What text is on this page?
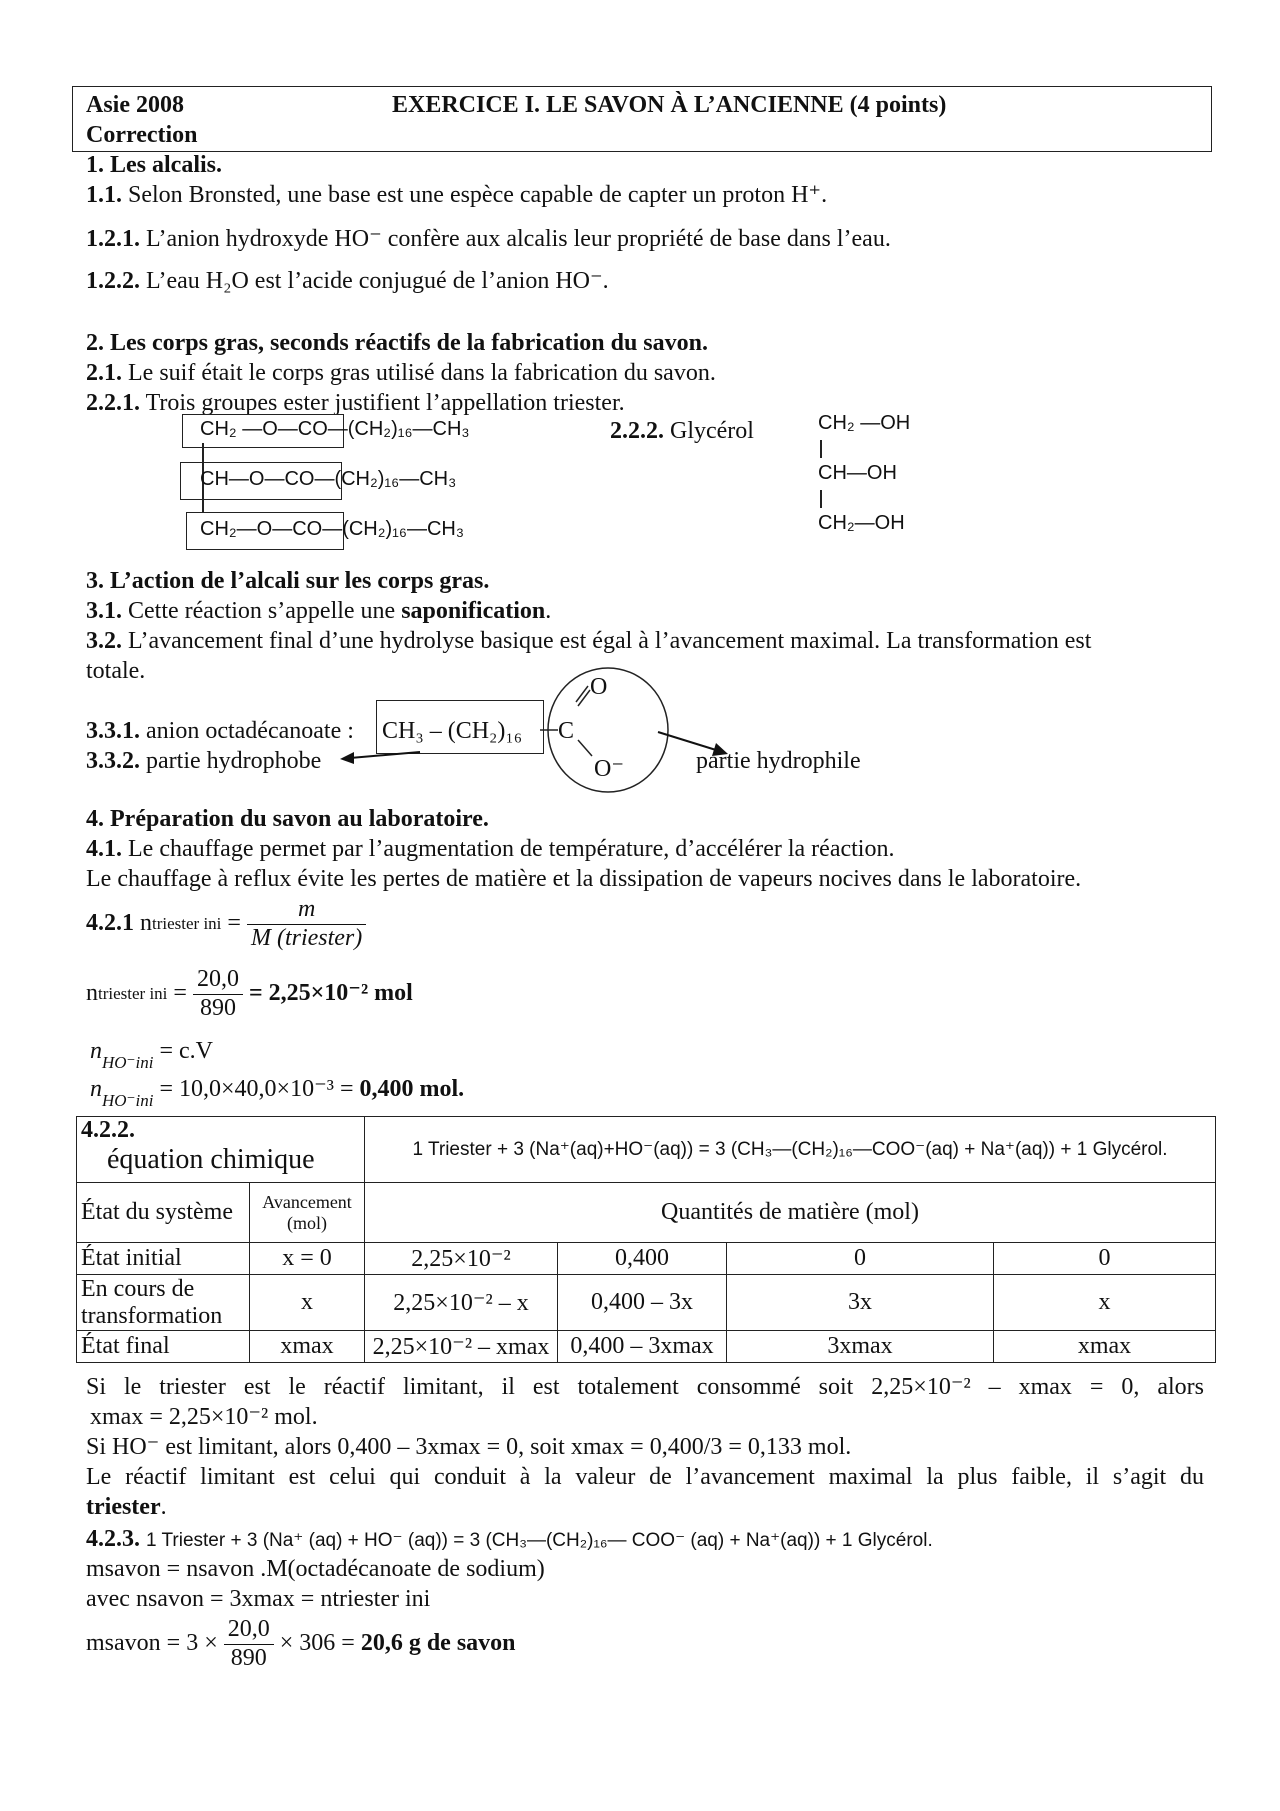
Asie 2008
Correction
EXERCICE I. LE SAVON À L’ANCIENNE (4 points)
1. Les alcalis.
1.1. Selon Bronsted, une base est une espèce capable de capter un proton H⁺.
1.2.1. L’anion hydroxyde HO⁻ confère aux alcalis leur propriété de base dans l’eau.
1.2.2. L’eau H₂O est l’acide conjugué de l’anion HO⁻.
2. Les corps gras, seconds réactifs de la fabrication du savon.
2.1. Le suif était le corps gras utilisé dans la fabrication du savon.
2.2.1. Trois groupes ester justifient l’appellation triester.
CH₂ —O—CO—(CH₂)₁₆—CH₃
CH—O—CO—(CH₂)₁₆—CH₃
CH₂—O—CO—(CH₂)₁₆—CH₃
2.2.2. Glycérol	CH₂ —OH
CH—OH
CH₂—OH
3. L’action de l’alcali sur les corps gras.
3.1. Cette réaction s’appelle une saponification.
3.2. L’avancement final d’une hydrolyse basique est égal à l’avancement maximal. La transformation est
totale.
3.3.1. anion octadécanoate : CH₃ – (CH₂)₁₆ C
O
O⁻
3.3.2. partie hydrophobe	partie hydrophile
4. Préparation du savon au laboratoire.
4.1. Le chauffage permet par l’augmentation de température, d’accélérer la réaction.
Le chauffage à reflux évite les pertes de matière et la dissipation de vapeurs nocives dans le laboratoire.
4.2.1
n triester ini = $\frac{m}{\text{M (triester)}}$
n triester ini = $\frac{20,0}{890} = 2,25\times 10^{-2}$ mol
$n_{HO^-ini} = c.V$
$n_{HO^-ini} = 10,0\times 40,0\times 10^{-3} = 0,400$ mol.
4.2.2.
équation chimique		1 Triester + 3 (Na⁺(aq)+HO⁻(aq)) = 3 (CH₃—(CH₂)₁₆—COO⁻(aq) + Na⁺(aq)) + 1 Glycérol.			
État du système	Avancement (mol)	Quantités de matière (mol)			
État initial	x = 0	2,25×10⁻²	0,400	0	0
En cours de transformation	x	2,25×10⁻² – x	0,400 – 3x	3x	x
État final	xmax	2,25×10⁻² – xmax	0,400 – 3xmax	3xmax	xmax
Si le triester est le réactif limitant, il est totalement consommé soit 2,25×10⁻² – xmax = 0, alors
xmax = 2,25×10⁻² mol.
Si HO⁻ est limitant, alors 0,400 – 3xmax = 0, soit xmax = 0,400/3 = 0,133 mol.
Le réactif limitant est celui qui conduit à la valeur de l’avancement maximal la plus faible, il s’agit du
triester.
4.2.3. 1 Triester + 3 (Na⁺ (aq) + HO⁻ (aq)) = 3 (CH₃—(CH₂)₁₆— COO⁻ (aq) + Na⁺(aq)) + 1 Glycérol.
msavon = nsavon .M(octadécanoate de sodium)
avec nsavon = 3xmax = ntriester ini
msavon = $3 \times \frac{20,0}{890} \times 306$ =
20,6 g de savon
